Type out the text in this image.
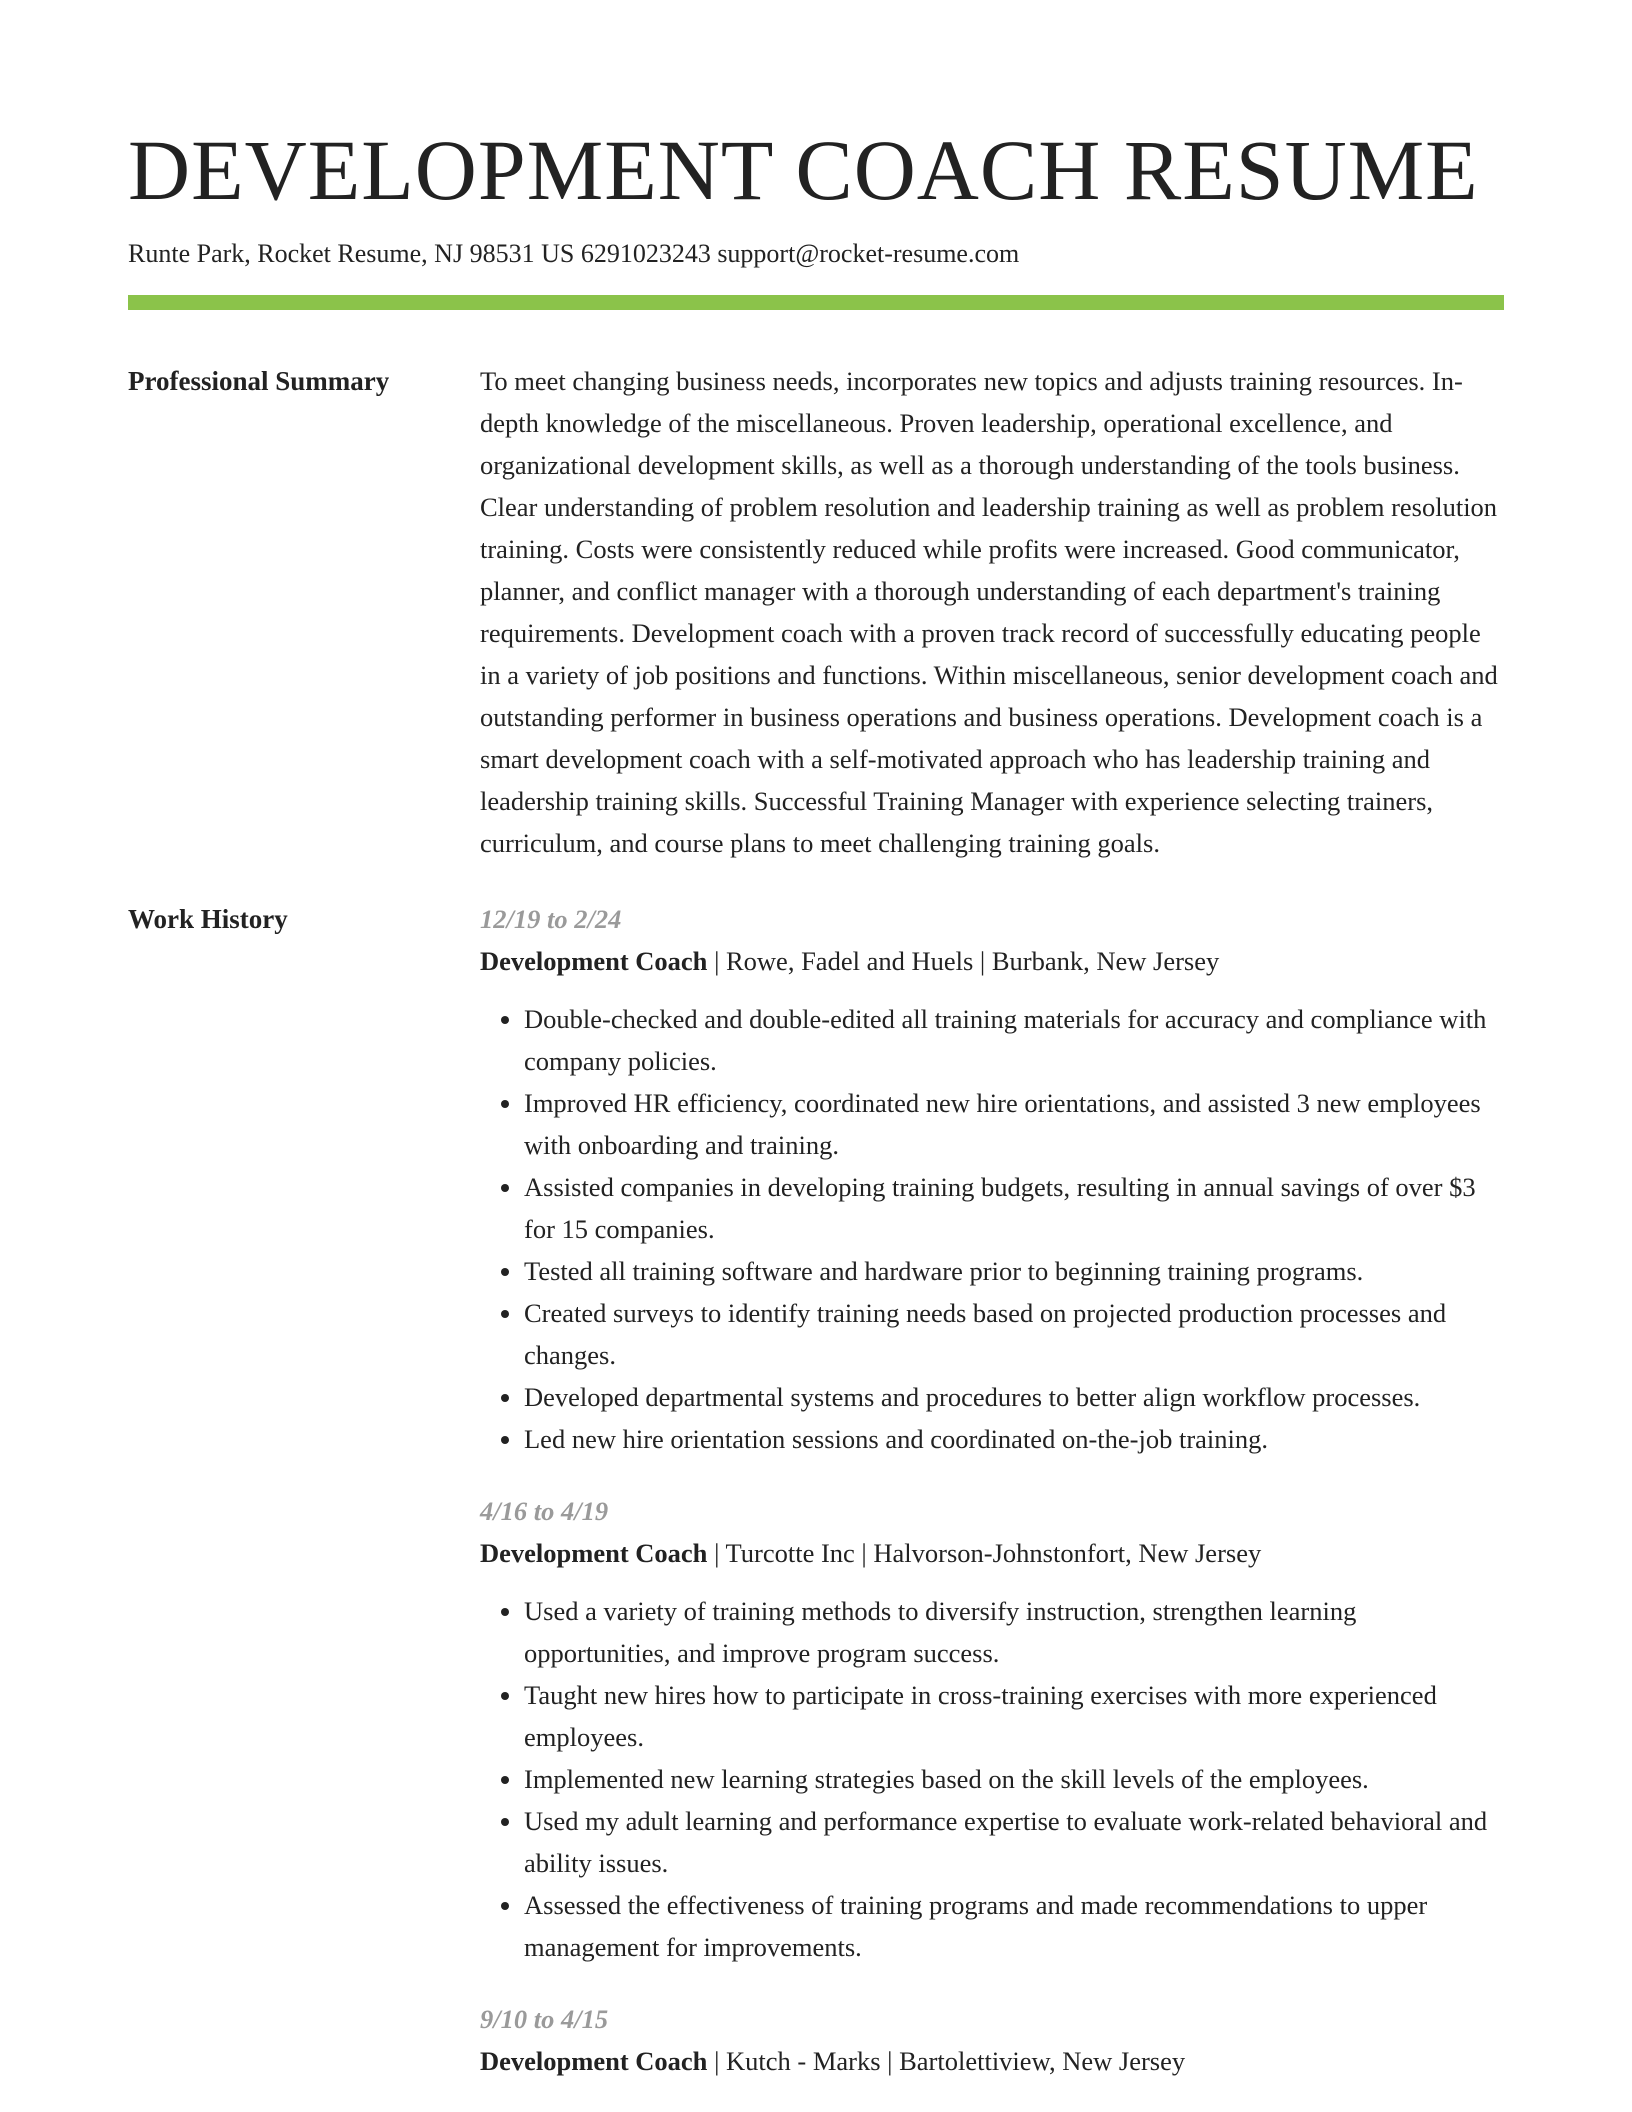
DEVELOPMENT COACH RESUME
Runte Park, Rocket Resume, NJ 98531 US 6291023243 support@rocket-resume.com
Professional Summary	To meet changing business needs, incorporates new topics and adjusts training resources. In-depth knowledge of the miscellaneous. Proven leadership, operational excellence, and organizational development skills, as well as a thorough understanding of the tools business. Clear understanding of problem resolution and leadership training as well as problem resolution training. Costs were consistently reduced while profits were increased. Good communicator, planner, and conflict manager with a thorough understanding of each department's training requirements. Development coach with a proven track record of successfully educating people in a variety of job positions and functions. Within miscellaneous, senior development coach and outstanding performer in business operations and business operations. Development coach is a smart development coach with a self-motivated approach who has leadership training and leadership training skills. Successful Training Manager with experience selecting trainers, curriculum, and course plans to meet challenging training goals.
Work History	12/19 to 2/24
Development Coach | Rowe, Fadel and Huels | Burbank, New Jersey
• Double-checked and double-edited all training materials for accuracy and compliance with company policies.
• Improved HR efficiency, coordinated new hire orientations, and assisted 3 new employees with onboarding and training.
• Assisted companies in developing training budgets, resulting in annual savings of over $3 for 15 companies.
• Tested all training software and hardware prior to beginning training programs.
• Created surveys to identify training needs based on projected production processes and changes.
• Developed departmental systems and procedures to better align workflow processes.
• Led new hire orientation sessions and coordinated on-the-job training.
4/16 to 4/19
Development Coach | Turcotte Inc | Halvorson-Johnstonfort, New Jersey
• Used a variety of training methods to diversify instruction, strengthen learning opportunities, and improve program success.
• Taught new hires how to participate in cross-training exercises with more experienced employees.
• Implemented new learning strategies based on the skill levels of the employees.
• Used my adult learning and performance expertise to evaluate work-related behavioral and ability issues.
• Assessed the effectiveness of training programs and made recommendations to upper management for improvements.
9/10 to 4/15
Development Coach | Kutch - Marks | Bartolettiview, New Jersey
